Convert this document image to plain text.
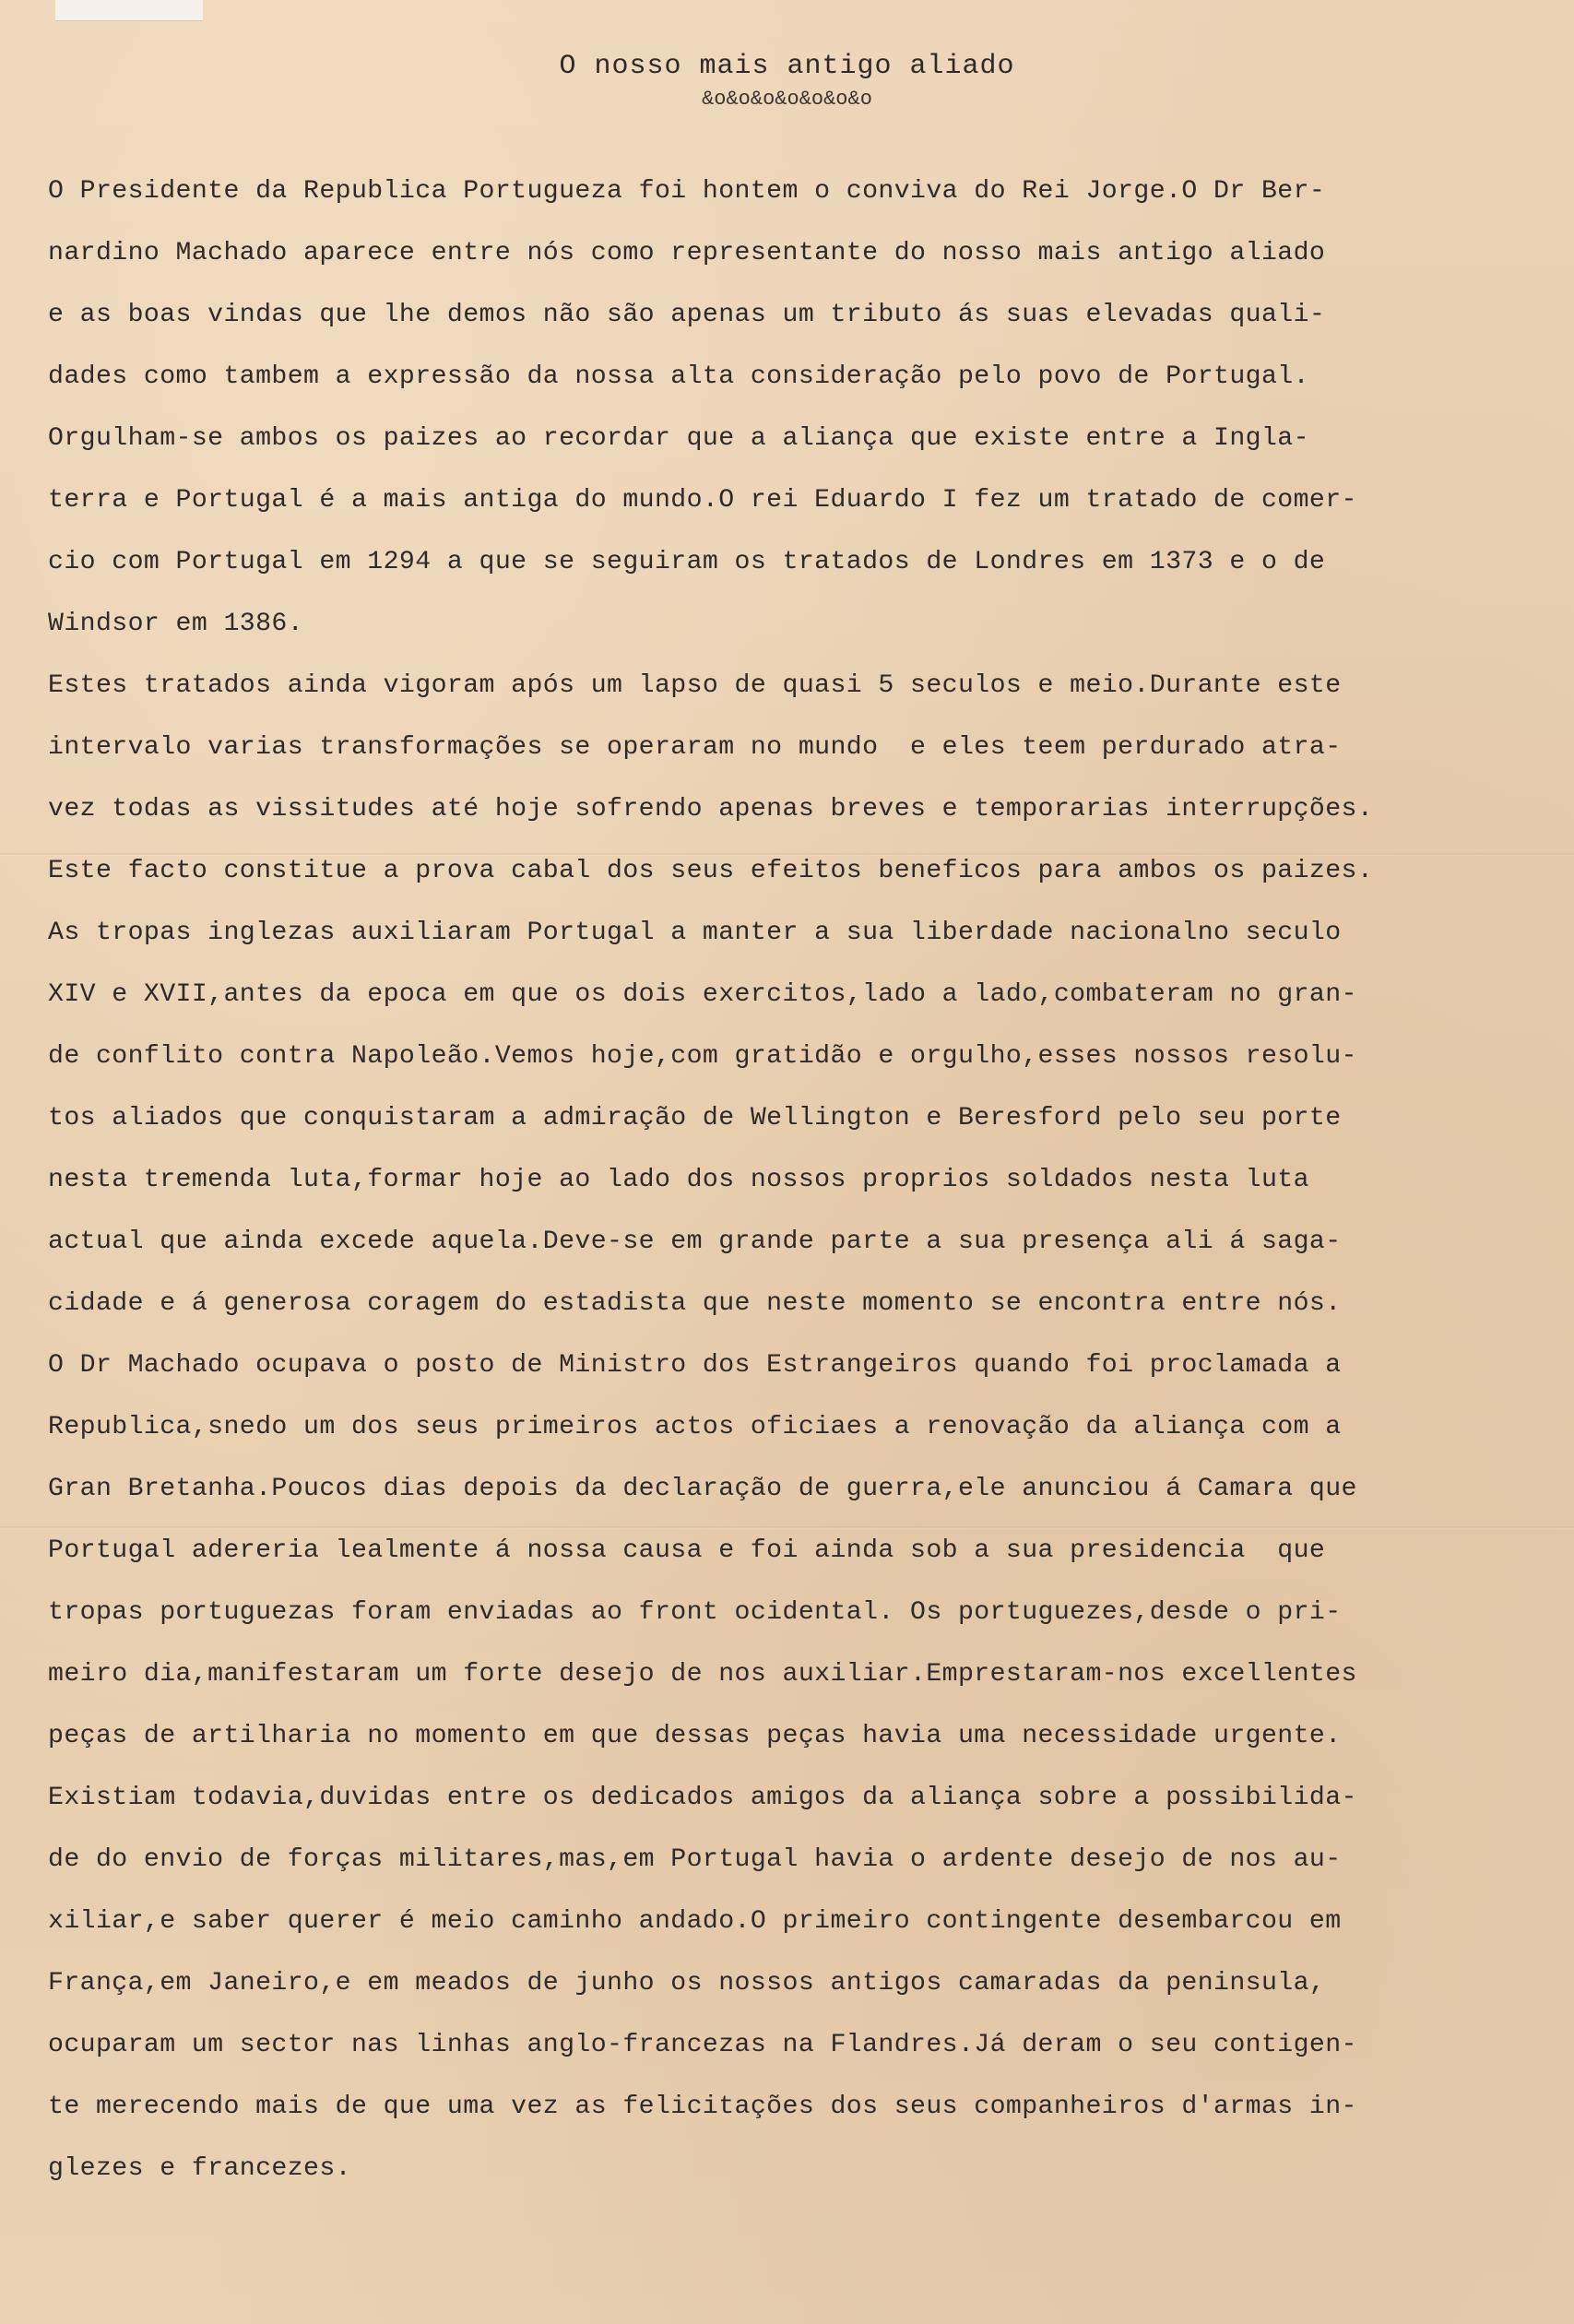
O nosso mais antigo aliado
&o&o&o&o&o&o&o
O Presidente da Republica Portugueza foi hontem o conviva do Rei Jorge.O Dr Ber-
nardino Machado aparece entre nós como representante do nosso mais antigo aliado
e as boas vindas que lhe demos não são apenas um tributo ás suas elevadas quali-
dades como tambem a expressão da nossa alta consideração pelo povo de Portugal.
Orgulham-se ambos os paizes ao recordar que a aliança que existe entre a Ingla-
terra e Portugal é a mais antiga do mundo.O rei Eduardo I fez um tratado de comer-
cio com Portugal em 1294 a que se seguiram os tratados de Londres em 1373 e o de
Windsor em 1386.
Estes tratados ainda vigoram após um lapso de quasi 5 seculos e meio.Durante este
intervalo varias transformações se operaram no mundo  e eles teem perdurado atra-
vez todas as vissitudes até hoje sofrendo apenas breves e temporarias interrupções.
Este facto constitue a prova cabal dos seus efeitos beneficos para ambos os paizes.
As tropas inglezas auxiliaram Portugal a manter a sua liberdade nacionalno seculo
XIV e XVII,antes da epoca em que os dois exercitos,lado a lado,combateram no gran-
de conflito contra Napoleão.Vemos hoje,com gratidão e orgulho,esses nossos resolu-
tos aliados que conquistaram a admiração de Wellington e Beresford pelo seu porte
nesta tremenda luta,formar hoje ao lado dos nossos proprios soldados nesta luta
actual que ainda excede aquela.Deve-se em grande parte a sua presença ali á saga-
cidade e á generosa coragem do estadista que neste momento se encontra entre nós.
O Dr Machado ocupava o posto de Ministro dos Estrangeiros quando foi proclamada a
Republica,snedo um dos seus primeiros actos oficiaes a renovação da aliança com a
Gran Bretanha.Poucos dias depois da declaração de guerra,ele anunciou á Camara que
Portugal adereria lealmente á nossa causa e foi ainda sob a sua presidencia  que
tropas portuguezas foram enviadas ao front ocidental. Os portuguezes,desde o pri-
meiro dia,manifestaram um forte desejo de nos auxiliar.Emprestaram-nos excellentes
peças de artilharia no momento em que dessas peças havia uma necessidade urgente.
Existiam todavia,duvidas entre os dedicados amigos da aliança sobre a possibilida-
de do envio de forças militares,mas,em Portugal havia o ardente desejo de nos au-
xiliar,e saber querer é meio caminho andado.O primeiro contingente desembarcou em
França,em Janeiro,e em meados de junho os nossos antigos camaradas da peninsula,
ocuparam um sector nas linhas anglo-francezas na Flandres.Já deram o seu contigen-
te merecendo mais de que uma vez as felicitações dos seus companheiros d'armas in-
glezes e francezes.
